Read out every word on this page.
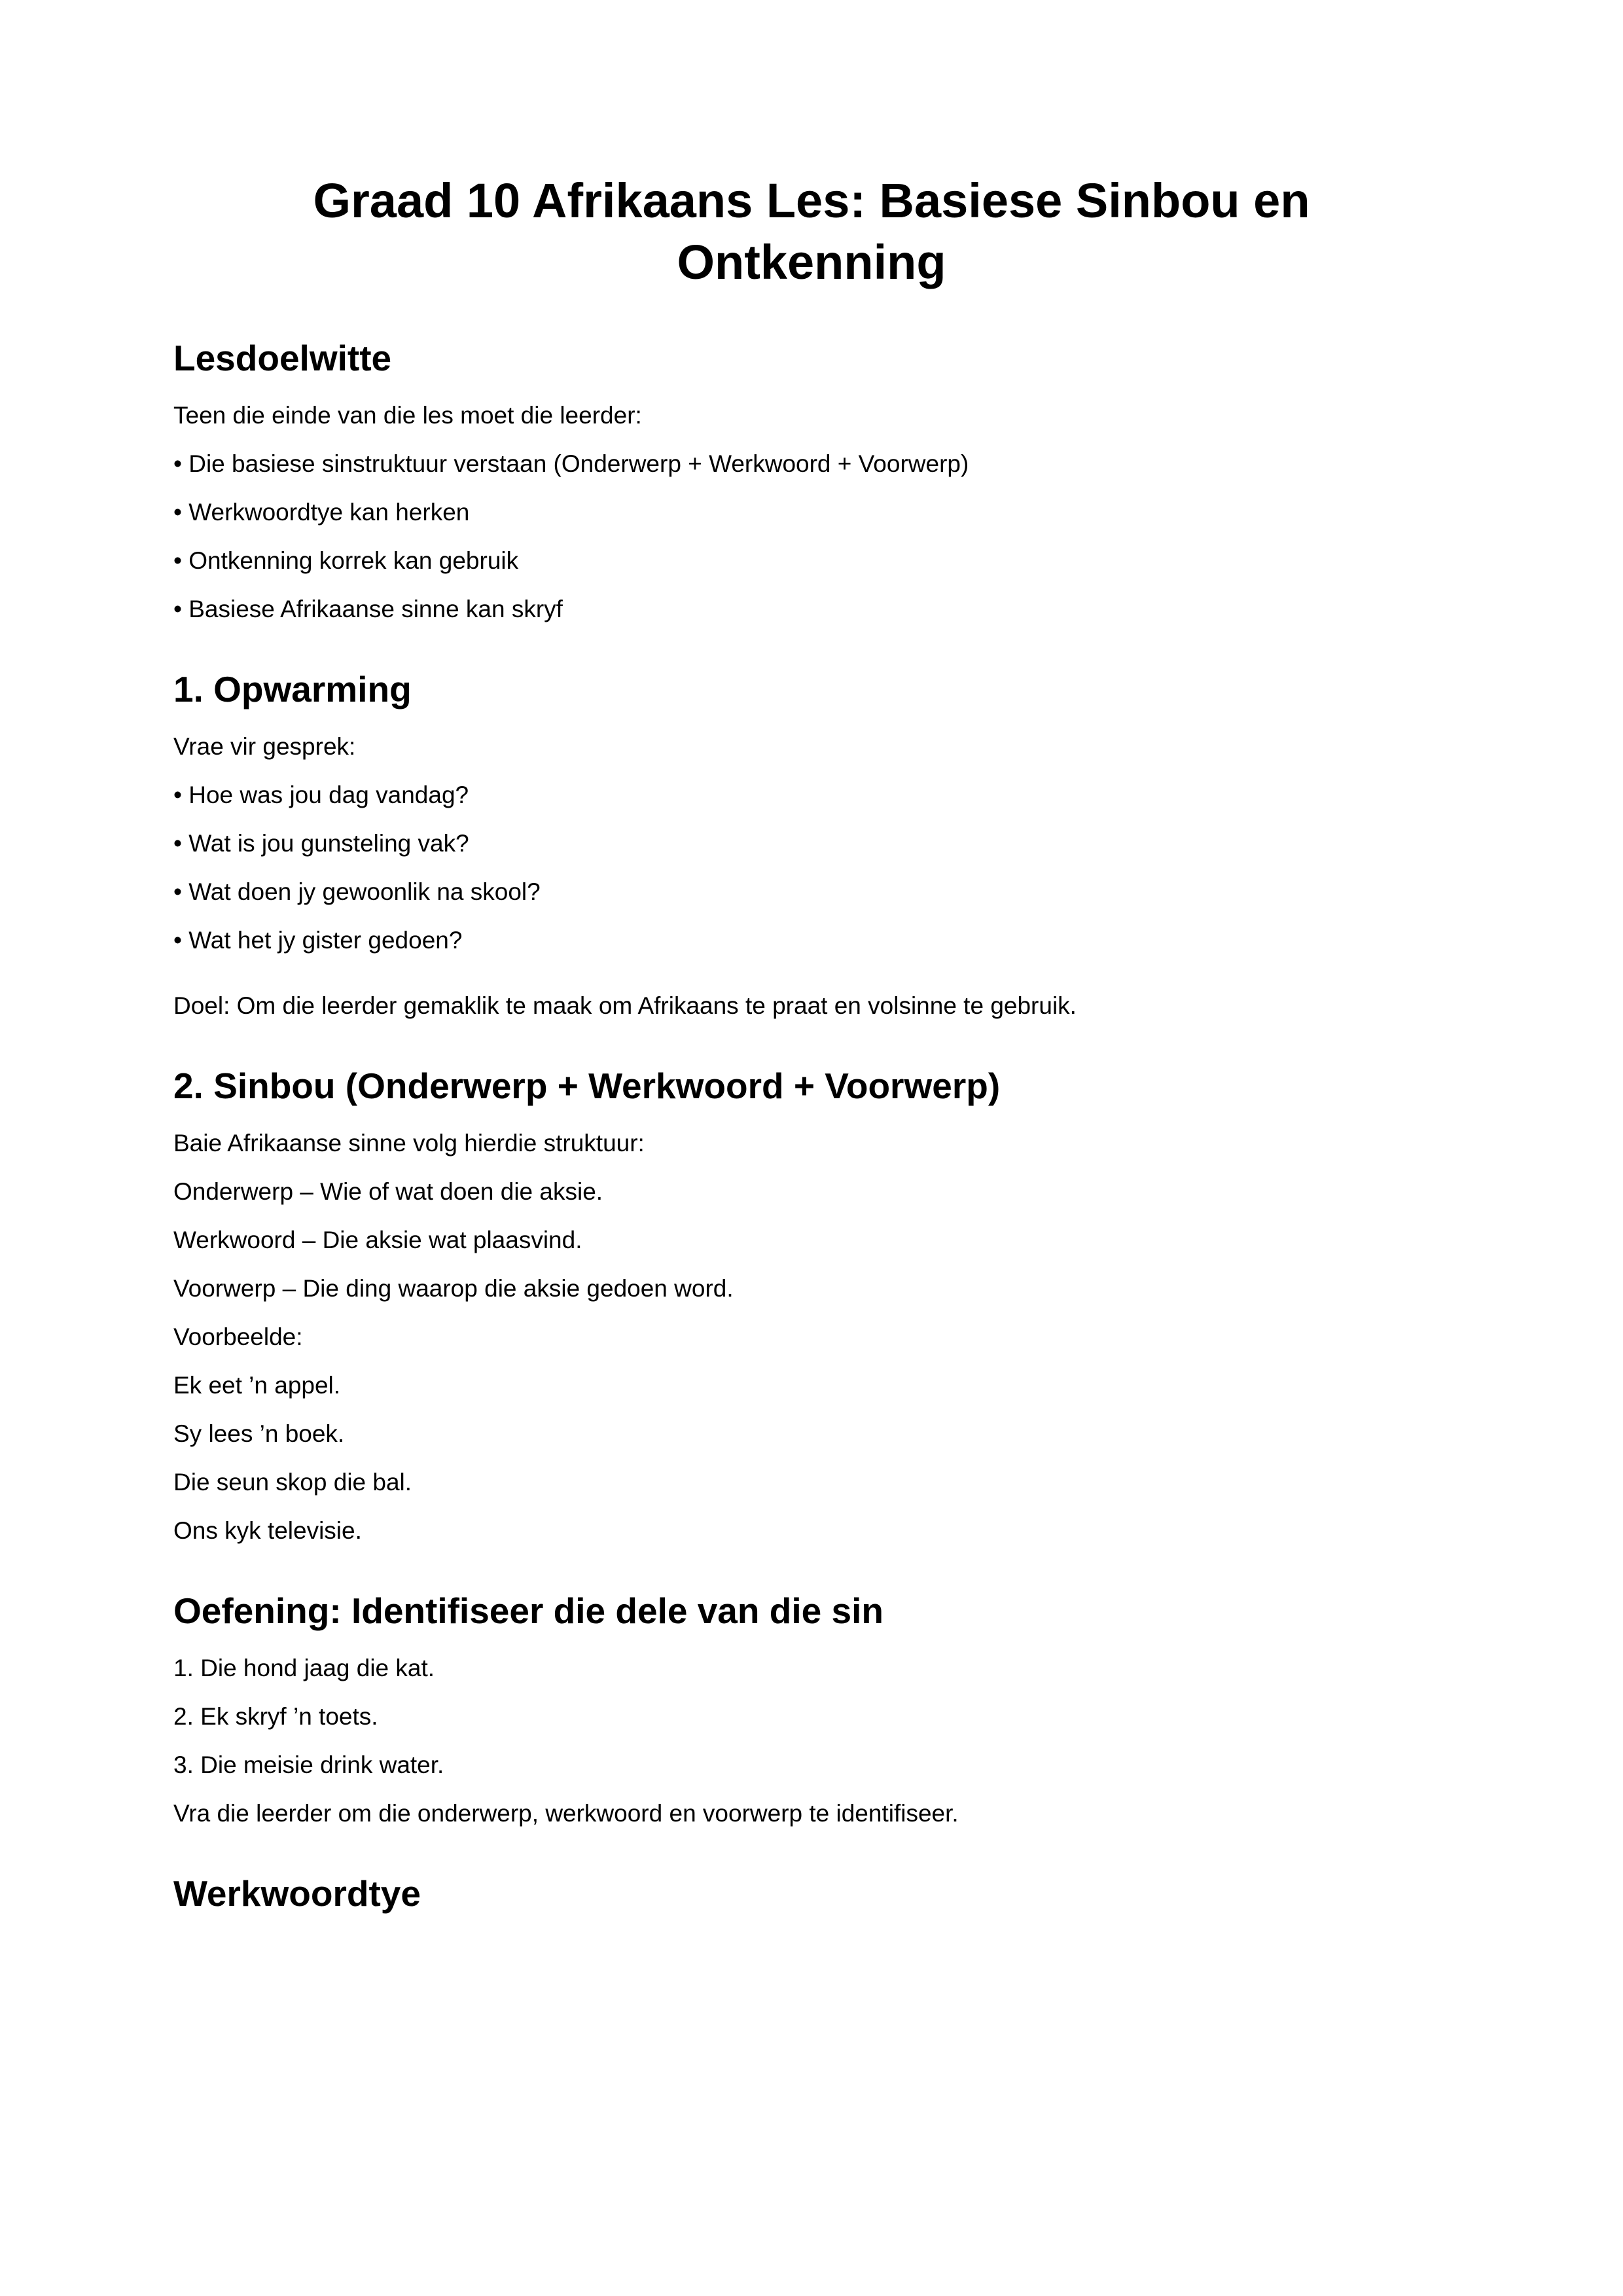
Graad 10 Afrikaans Les: Basiese Sinbou en
Ontkenning
Lesdoelwitte

Teen die einde van die les moet die leerder:

• Die basiese sinstruktuur verstaan (Onderwerp + Werkwoord + Voorwerp)

• Werkwoordtye kan herken

• Ontkenning korrek kan gebruik

• Basiese Afrikaanse sinne kan skryf

1. Opwarming

Vrae vir gesprek:

• Hoe was jou dag vandag?

• Wat is jou gunsteling vak?

• Wat doen jy gewoonlik na skool?

• Wat het jy gister gedoen?

Doel: Om die leerder gemaklik te maak om Afrikaans te praat en volsinne te gebruik.

2. Sinbou (Onderwerp + Werkwoord + Voorwerp)

Baie Afrikaanse sinne volg hierdie struktuur:

Onderwerp – Wie of wat doen die aksie.

Werkwoord – Die aksie wat plaasvind.

Voorwerp – Die ding waarop die aksie gedoen word.

Voorbeelde:

Ek eet ’n appel.

Sy lees ’n boek.

Die seun skop die bal.

Ons kyk televisie.

Oefening: Identifiseer die dele van die sin

1. Die hond jaag die kat.

2. Ek skryf ’n toets.

3. Die meisie drink water.

Vra die leerder om die onderwerp, werkwoord en voorwerp te identifiseer.

Werkwoordtye
